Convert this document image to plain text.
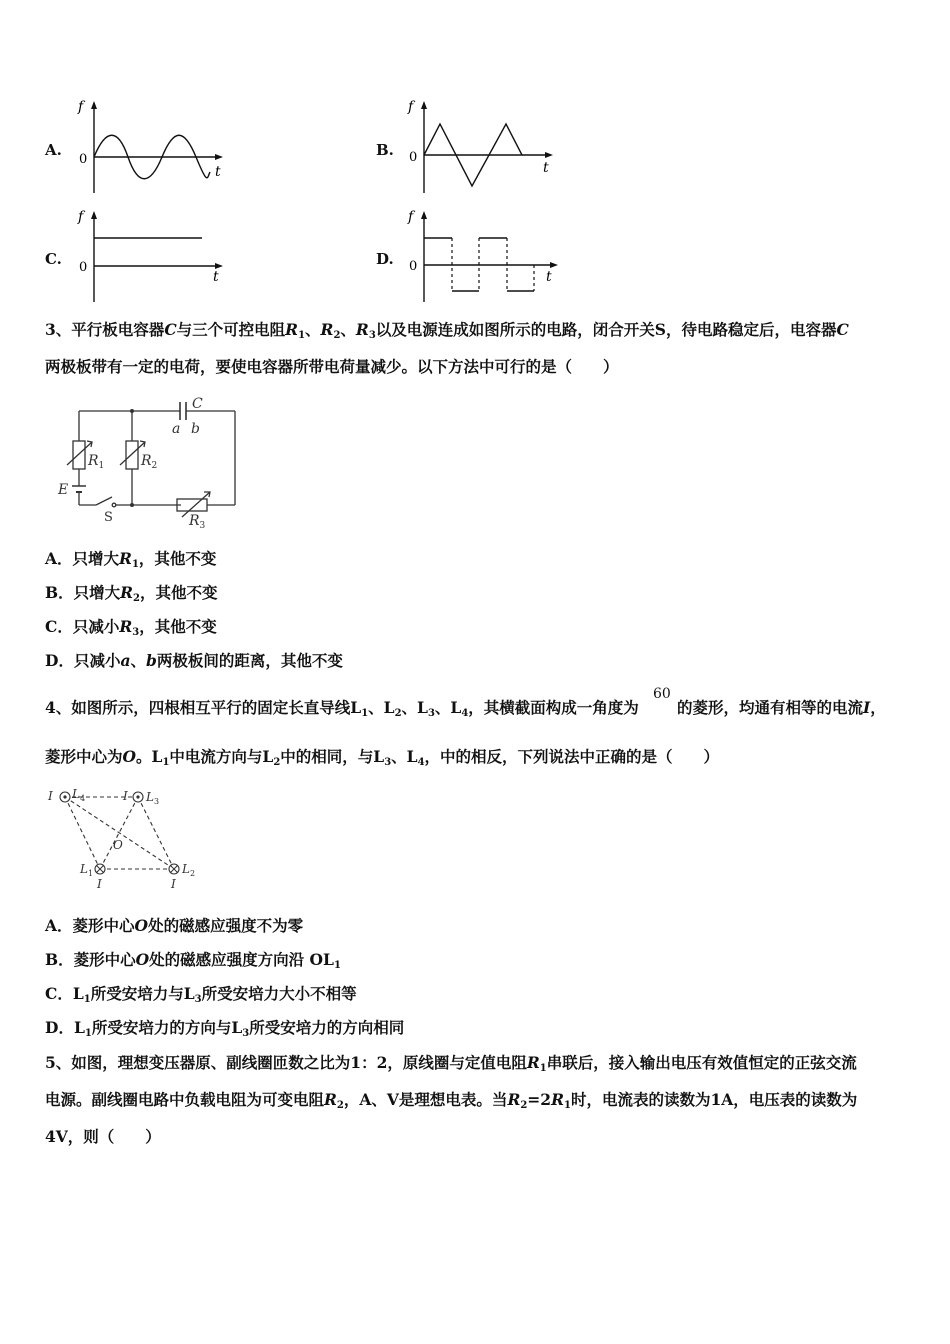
A.
f
0
t
B.
f
0
t
C.
f
0
t
D.
f
0
t
3、平行板电容器C与三个可控电阻$R_1$、$R_2$、$R_3$以及电源连成如图所示的电路，闭合开关S，待电路稳定后，电容器C
两极板带有一定的电荷，要使电容器所带电荷量减少。以下方法中可行的是（　　）
C
a b
$R_1$	$R_2$
$R_3$
E
S
A．只增大$R_1$，其他不变
B．只增大$R_2$，其他不变
C．只减小$R_3$，其他不变
D．只减小a、b两极板间的距离，其他不变
4、如图所示，四根相互平行的固定长直导线$L_1$、$L_2$、$L_3$、$L_4$，其横截面构成一角度为
60
的菱形，均通有相等的电流I，
菱形中心为O。$L_1$中电流方向与$L_2$中的相同，与$L_3$、$L_4$，中的相反，下列说法中正确的是（　　）
I $L_4$	I $L_3$
O
$L_1$	$L_2$
I	I
A．菱形中心O处的磁感应强度不为零
B．菱形中心O处的磁感应强度方向沿 $OL_1$
C．$L_1$所受安培力与$L_3$所受安培力大小不相等
D．$L_1$所受安培力的方向与$L_3$所受安培力的方向相同
5、如图，理想变压器原、副线圈匝数之比为1：2，原线圈与定值电阻$R_1$串联后，接入输出电压有效值恒定的正弦交流
电源。副线圈电路中负载电阻为可变电阻$R_2$，A、V是理想电表。当$R_2=2R_1$时，电流表的读数为1A，电压表的读数为
4V，则（　　）
